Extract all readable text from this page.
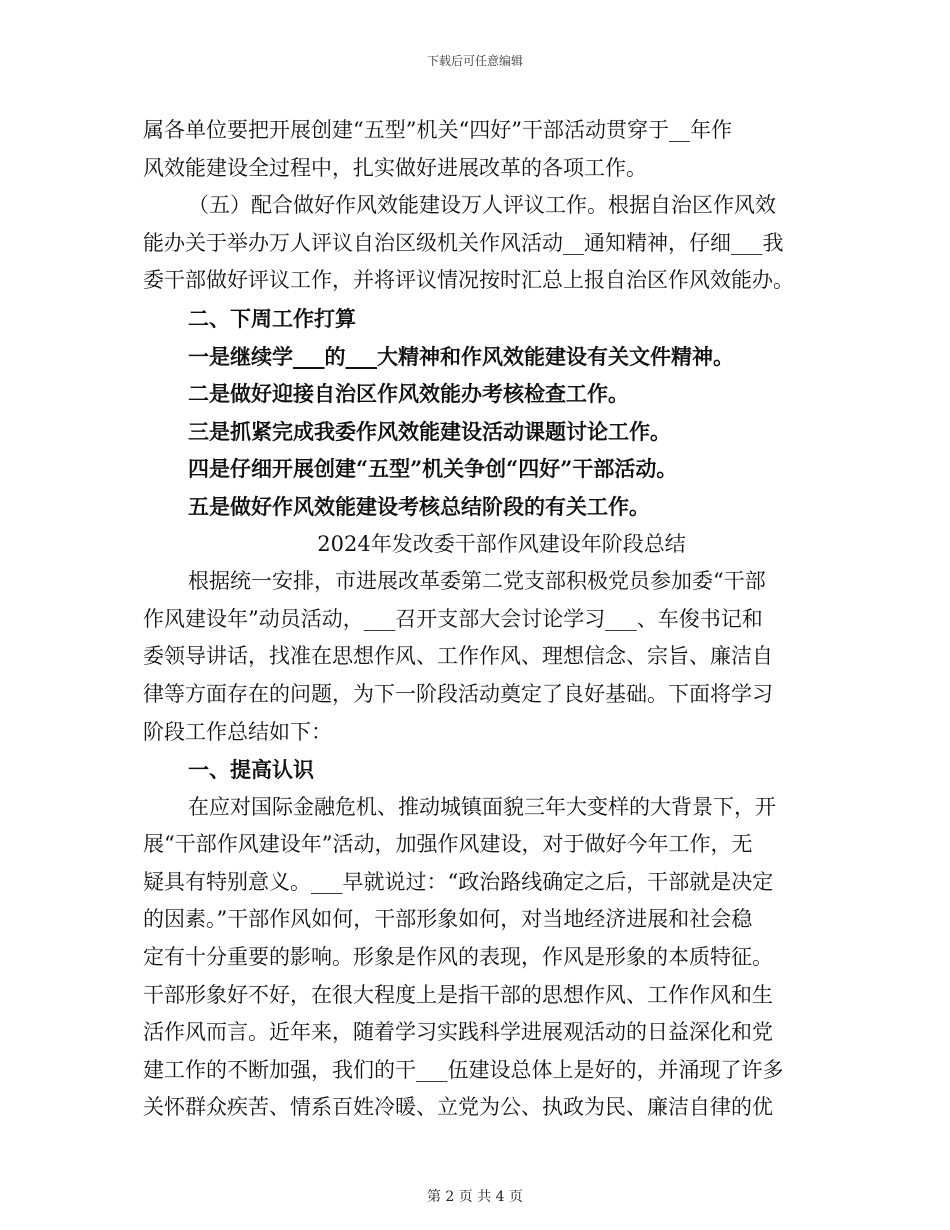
下载后可任意编辑
属各单位要把开展创建“五型”机关“四好”干部活动贯穿于__年作
风效能建设全过程中，扎实做好进展改革的各项工作。
（五）配合做好作风效能建设万人评议工作。根据自治区作风效
能办关于举办万人评议自治区级机关作风活动__通知精神，仔细___我
委干部做好评议工作，并将评议情况按时汇总上报自治区作风效能办。
二、下周工作打算
一是继续学___的___大精神和作风效能建设有关文件精神。
二是做好迎接自治区作风效能办考核检查工作。
三是抓紧完成我委作风效能建设活动课题讨论工作。
四是仔细开展创建“五型”机关争创“四好”干部活动。
五是做好作风效能建设考核总结阶段的有关工作。
2024年发改委干部作风建设年阶段总结
根据统一安排，市进展改革委第二党支部积极党员参加委“干部
作风建设年”动员活动，___召开支部大会讨论学习___、车俊书记和
委领导讲话，找准在思想作风、工作作风、理想信念、宗旨、廉洁自
律等方面存在的问题，为下一阶段活动奠定了良好基础。下面将学习
阶段工作总结如下：
一、提高认识
在应对国际金融危机、推动城镇面貌三年大变样的大背景下，开
展“干部作风建设年”活动，加强作风建设，对于做好今年工作，无
疑具有特别意义。___早就说过：“政治路线确定之后，干部就是决定
的因素。”干部作风如何，干部形象如何，对当地经济进展和社会稳
定有十分重要的影响。形象是作风的表现，作风是形象的本质特征。
干部形象好不好，在很大程度上是指干部的思想作风、工作作风和生
活作风而言。近年来，随着学习实践科学进展观活动的日益深化和党
建工作的不断加强，我们的干___伍建设总体上是好的，并涌现了许多
关怀群众疾苦、情系百姓冷暖、立党为公、执政为民、廉洁自律的优
第 2 页 共 4 页
